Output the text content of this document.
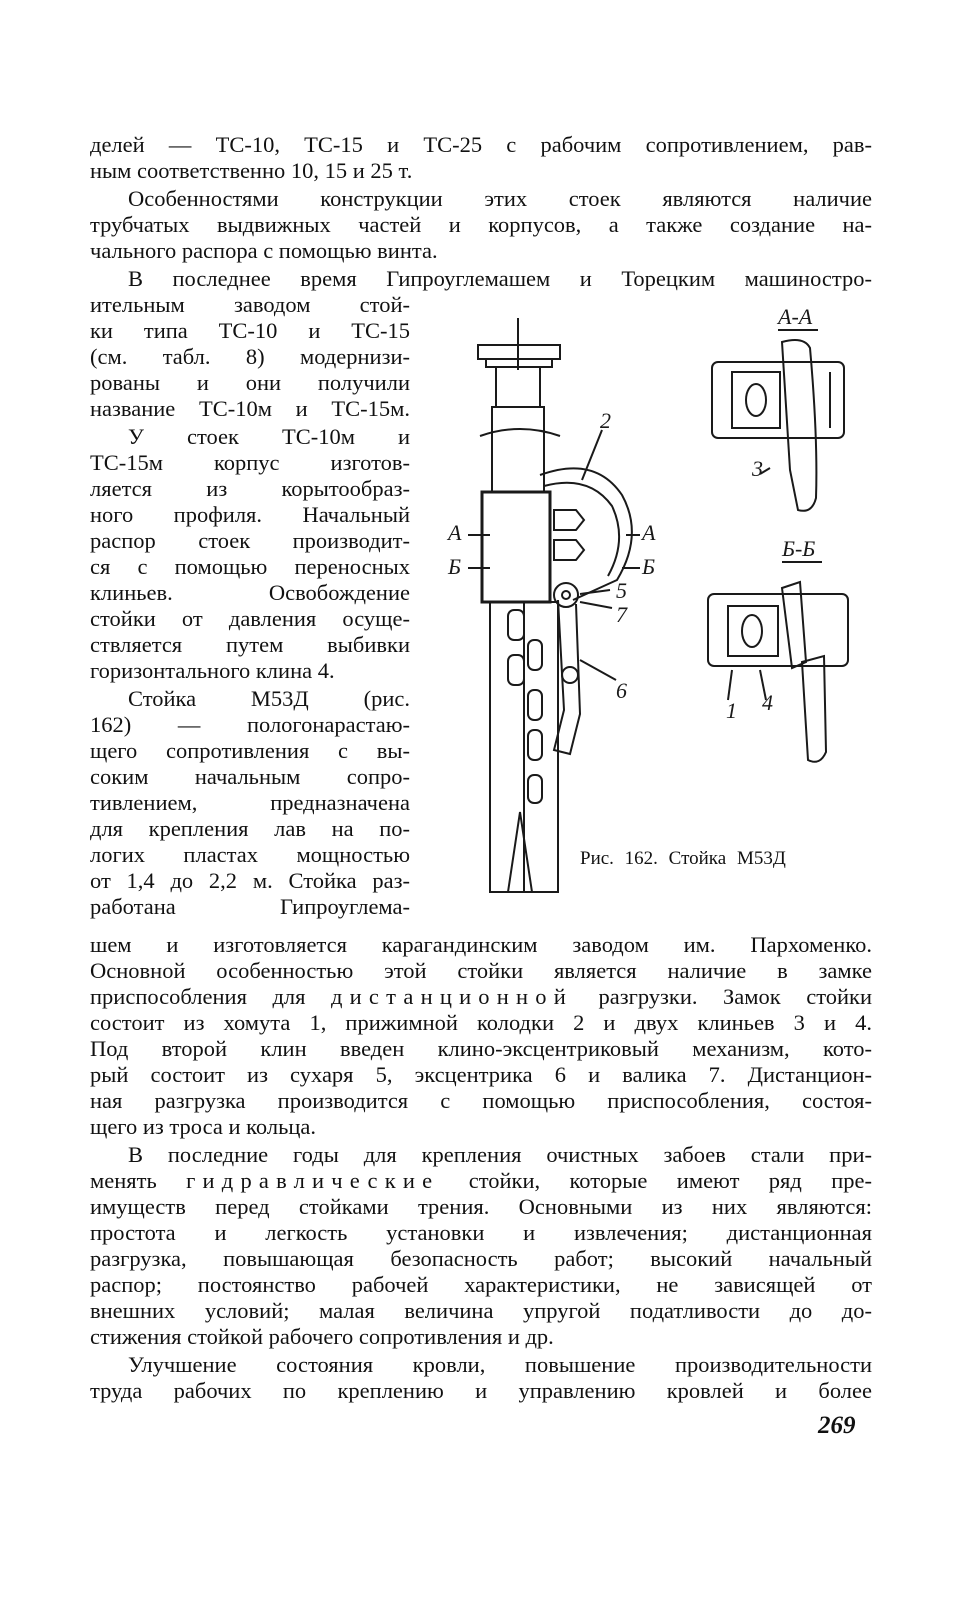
делей — ТС-10, ТС-15 и ТС-25 с рабочим сопротивлением, рав-
ным соответственно 10, 15 и 25 т.
Особенностями конструкции этих стоек являются наличие
трубчатых выдвижных частей и корпусов, а также создание на-
чального распора с помощью винта.
В последнее время Гипроуглемашем и Торецким машиностро-
ительным заводом стой-
ки типа ТС-10 и ТС-15
(см. табл. 8) модернизи-
рованы и они получили
название ТС-10м и ТС-15м.
У стоек ТС-10м и
ТС-15м корпус изготов-
ляется из корытообраз-
ного профиля. Начальный
распор стоек производит-
ся с помощью переносных
клиньев. Освобождение
стойки от давления осуще-
ствляется путем выбивки
горизонтального клина 4.
Стойка М53Д (рис.
162) — пологонарастаю-
щего сопротивления с вы-
соким начальным сопро-
тивлением, предназначена
для крепления лав на по-
логих пластах мощностью
от 1,4 до 2,2 м. Стойка раз-
работана Гипроуглема-
А-А
Б-Б
А	А
Б	Б
2
3
5
7
6
1 4
Рис. 162. Стойка М53Д
шем и изготовляется карагандинским заводом им. Пархоменко.
Основной особенностью этой стойки является наличие в замке
приспособления для дистанционной разгрузки. Замок стойки
состоит из хомута 1, прижимной колодки 2 и двух клиньев 3 и 4.
Под второй клин введен клино-эксцентриковый механизм, кото-
рый состоит из сухаря 5, эксцентрика 6 и валика 7. Дистанцион-
ная разгрузка производится с помощью приспособления, состоя-
щего из троса и кольца.
В последние годы для крепления очистных забоев стали при-
менять гидравлические стойки, которые имеют ряд пре-
имуществ перед стойками трения. Основными из них являются:
простота и легкость установки и извлечения; дистанционная
разгрузка, повышающая безопасность работ; высокий начальный
распор; постоянство рабочей характеристики, не зависящей от
внешних условий; малая величина упругой податливости до до-
стижения стойкой рабочего сопротивления и др.
Улучшение состояния кровли, повышение производительности
труда рабочих по креплению и управлению кровлей и более
269
